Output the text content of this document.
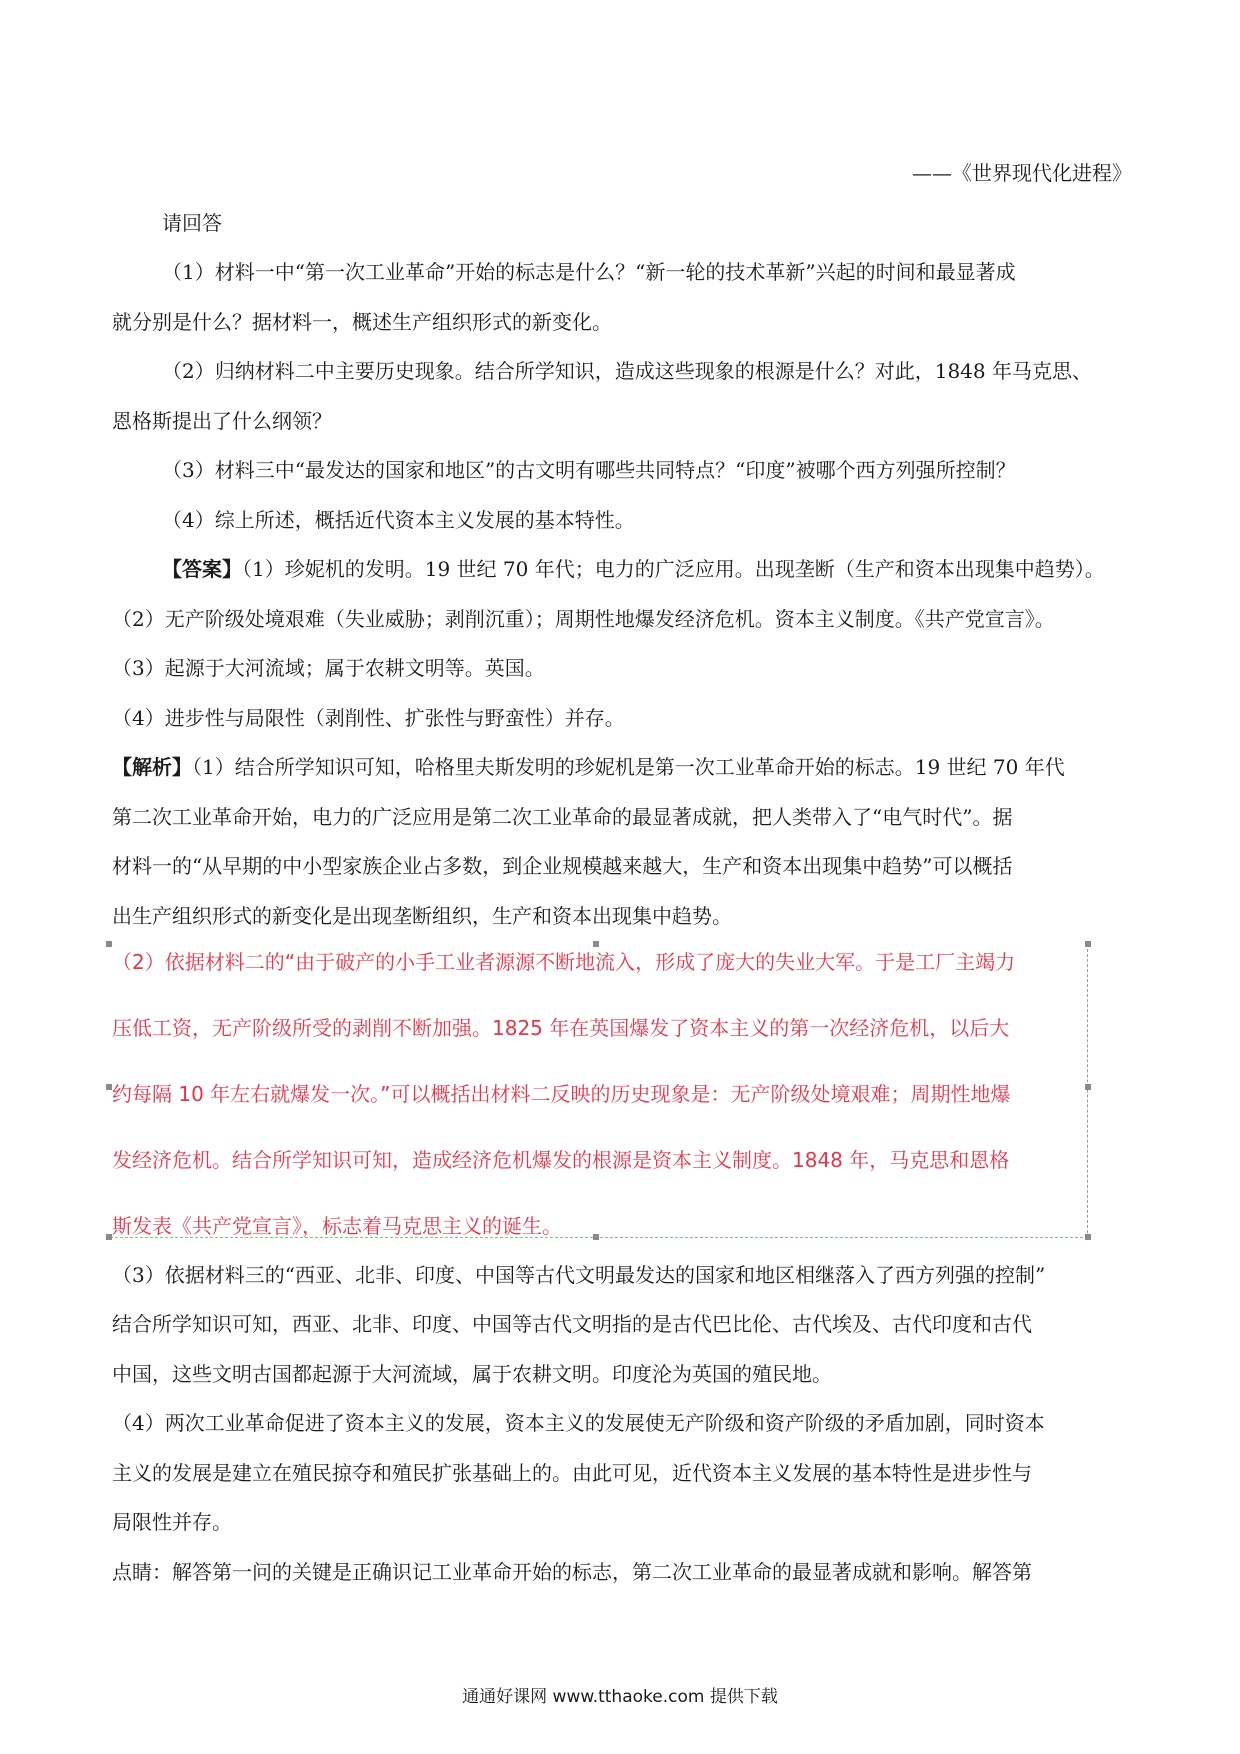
——《世界现代化进程》
请回答
（1）材料一中“第一次工业革命”开始的标志是什么？“新一轮的技术革新”兴起的时间和最显著成
就分别是什么？据材料一，概述生产组织形式的新变化。
（2）归纳材料二中主要历史现象。结合所学知识，造成这些现象的根源是什么？对此，1848 年马克思、
恩格斯提出了什么纲领？
（3）材料三中“最发达的国家和地区”的古文明有哪些共同特点？“印度”被哪个西方列强所控制？
（4）综上所述，概括近代资本主义发展的基本特性。
【答案】（1）珍妮机的发明。19 世纪 70 年代；电力的广泛应用。出现垄断（生产和资本出现集中趋势）。
（2）无产阶级处境艰难（失业威胁；剥削沉重）；周期性地爆发经济危机。资本主义制度。《共产党宣言》。
（3）起源于大河流域；属于农耕文明等。英国。
（4）进步性与局限性（剥削性、扩张性与野蛮性）并存。
【解析】（1）结合所学知识可知，哈格里夫斯发明的珍妮机是第一次工业革命开始的标志。19 世纪 70 年代
第二次工业革命开始，电力的广泛应用是第二次工业革命的最显著成就，把人类带入了“电气时代”。据
材料一的“从早期的中小型家族企业占多数，到企业规模越来越大，生产和资本出现集中趋势”可以概括
出生产组织形式的新变化是出现垄断组织，生产和资本出现集中趋势。
（2）依据材料二的“由于破产的小手工业者源源不断地流入，形成了庞大的失业大军。于是工厂主竭力
压低工资，无产阶级所受的剥削不断加强。1825 年在英国爆发了资本主义的第一次经济危机，以后大
约每隔 10 年左右就爆发一次。”可以概括出材料二反映的历史现象是：无产阶级处境艰难；周期性地爆
发经济危机。结合所学知识可知，造成经济危机爆发的根源是资本主义制度。1848 年，马克思和恩格
斯发表《共产党宣言》，标志着马克思主义的诞生。
（3）依据材料三的“西亚、北非、印度、中国等古代文明最发达的国家和地区相继落入了西方列强的控制”
结合所学知识可知，西亚、北非、印度、中国等古代文明指的是古代巴比伦、古代埃及、古代印度和古代
中国，这些文明古国都起源于大河流域，属于农耕文明。印度沦为英国的殖民地。
（4）两次工业革命促进了资本主义的发展，资本主义的发展使无产阶级和资产阶级的矛盾加剧，同时资本
主义的发展是建立在殖民掠夺和殖民扩张基础上的。由此可见，近代资本主义发展的基本特性是进步性与
局限性并存。
点睛：解答第一问的关键是正确识记工业革命开始的标志，第二次工业革命的最显著成就和影响。解答第
通通好课网 www.tthaoke.com 提供下载
